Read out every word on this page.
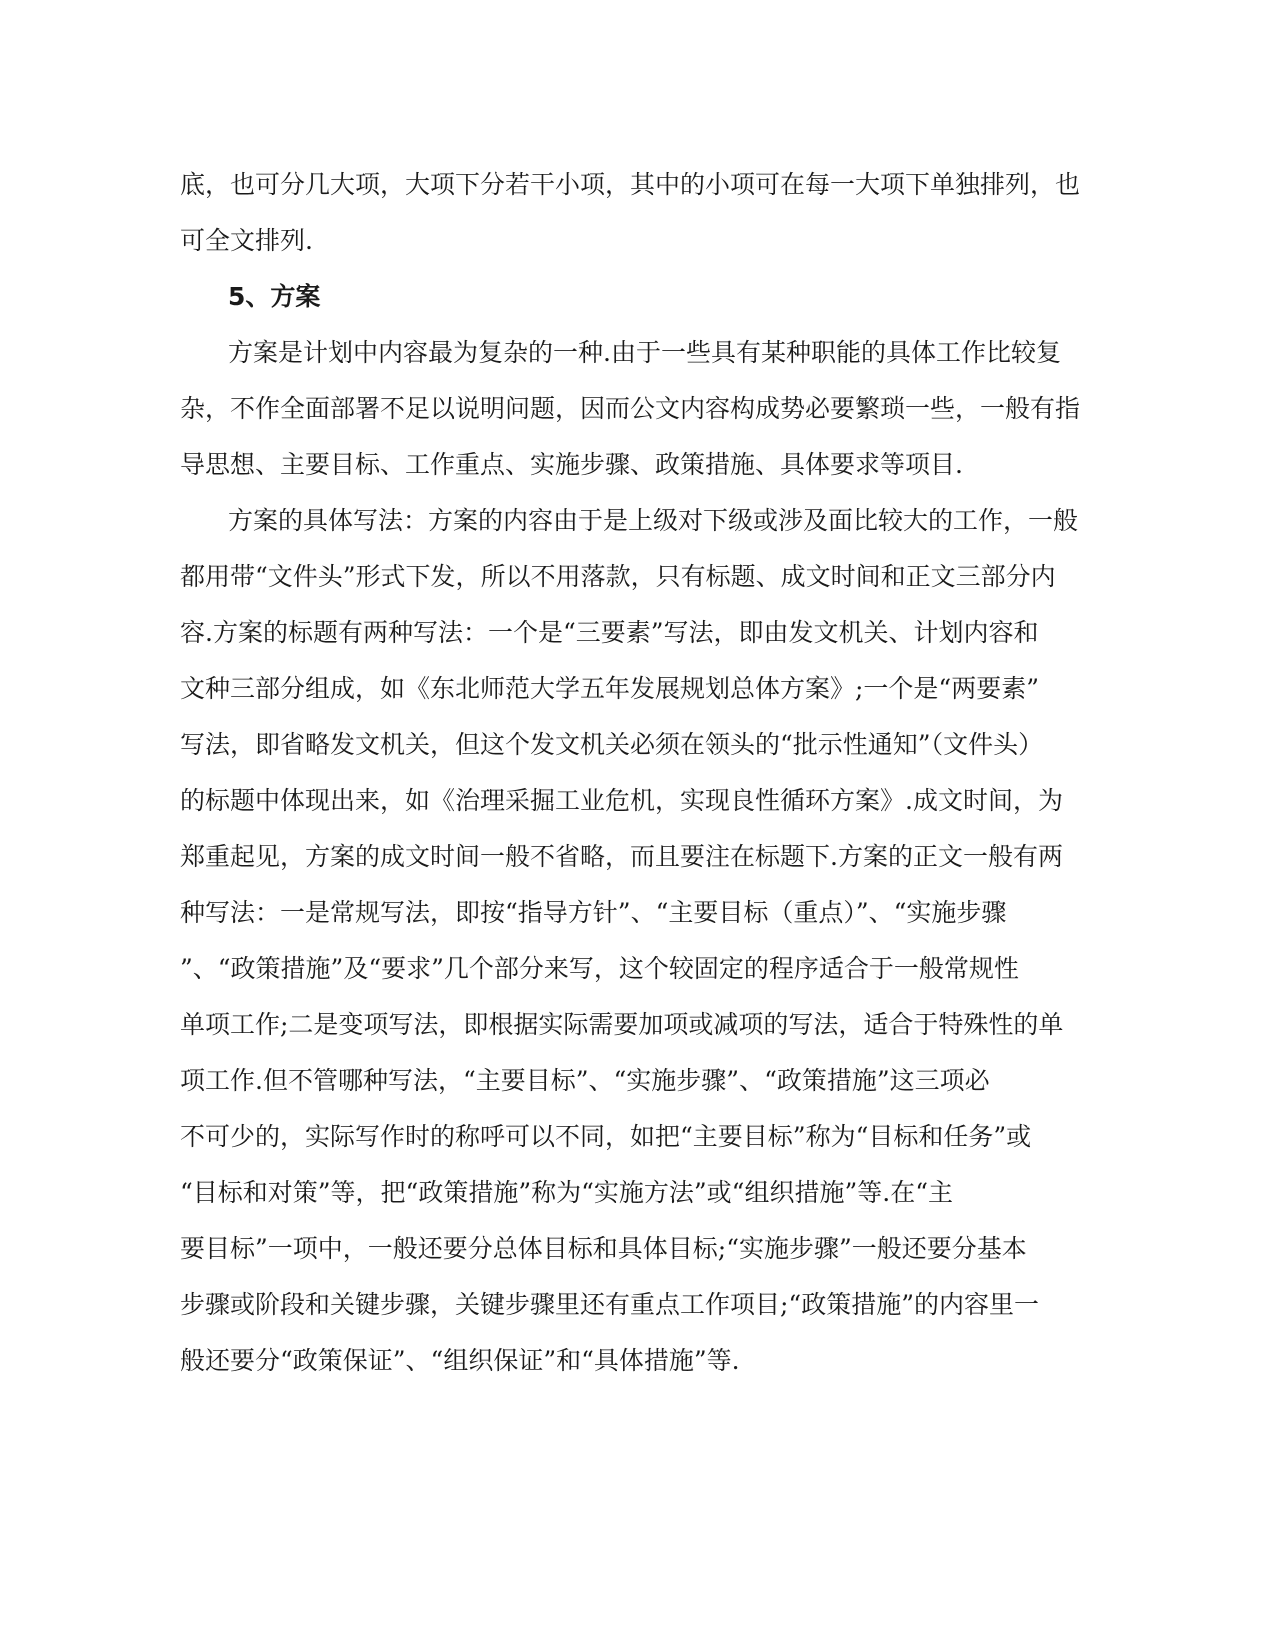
底，也可分几大项，大项下分若干小项，其中的小项可在每一大项下单独排列，也
可全文排列.
5、方案
方案是计划中内容最为复杂的一种.由于一些具有某种职能的具体工作比较复
杂，不作全面部署不足以说明问题，因而公文内容构成势必要繁琐一些，一般有指
导思想、主要目标、工作重点、实施步骤、政策措施、具体要求等项目.
方案的具体写法：方案的内容由于是上级对下级或涉及面比较大的工作，一般
都用带“文件头”形式下发，所以不用落款，只有标题、成文时间和正文三部分内
容.方案的标题有两种写法：一个是“三要素”写法，即由发文机关、计划内容和
文种三部分组成，如《东北师范大学五年发展规划总体方案》;一个是“两要素”
写法，即省略发文机关，但这个发文机关必须在领头的“批示性通知”（文件头）
的标题中体现出来，如《治理采掘工业危机，实现良性循环方案》.成文时间，为
郑重起见，方案的成文时间一般不省略，而且要注在标题下.方案的正文一般有两
种写法：一是常规写法，即按“指导方针”、“主要目标（重点）”、“实施步骤
”、“政策措施”及“要求”几个部分来写，这个较固定的程序适合于一般常规性
单项工作;二是变项写法，即根据实际需要加项或减项的写法，适合于特殊性的单
项工作.但不管哪种写法，“主要目标”、“实施步骤”、“政策措施”这三项必
不可少的，实际写作时的称呼可以不同，如把“主要目标”称为“目标和任务”或
“目标和对策”等，把“政策措施”称为“实施方法”或“组织措施”等.在“主
要目标”一项中，一般还要分总体目标和具体目标;“实施步骤”一般还要分基本
步骤或阶段和关键步骤，关键步骤里还有重点工作项目;“政策措施”的内容里一
般还要分“政策保证”、“组织保证”和“具体措施”等.
